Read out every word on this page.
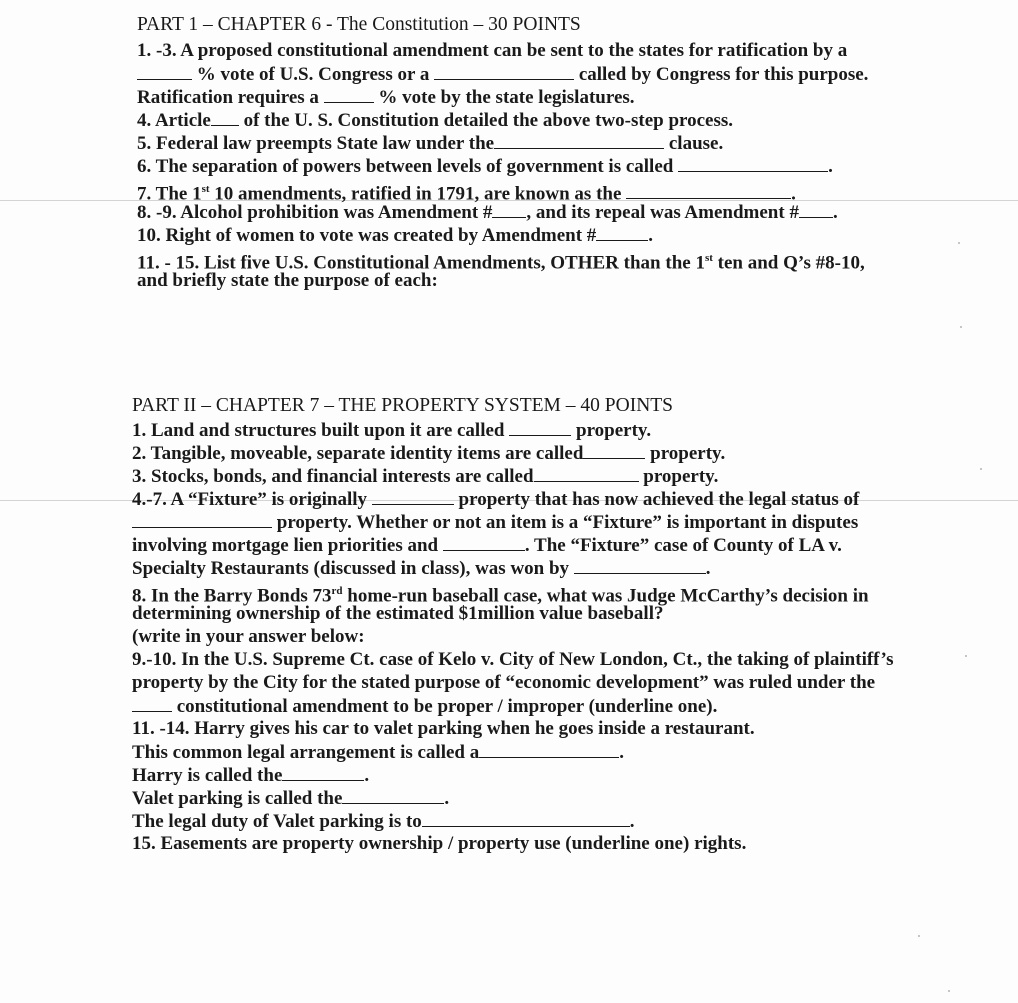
PART 1 – CHAPTER 6 - The Constitution – 30 POINTS
1. -3. A proposed constitutional amendment can be sent to the states for ratification by a
% vote of U.S. Congress or a	called by Congress for this purpose.
Ratification requires a	% vote by the state legislatures.
4. Article of the U. S. Constitution detailed the above two-step process.
5. Federal law preempts State law under the	clause.
6. The separation of powers between levels of government is called	.
7. The 1st 10 amendments, ratified in 1791, are known as the	.
8. -9. Alcohol prohibition was Amendment # , and its repeal was Amendment # .
10. Right of women to vote was created by Amendment #	.
11. - 15. List five U.S. Constitutional Amendments, OTHER than the 1st ten and Q’s #8-10,
and briefly state the purpose of each:
PART II – CHAPTER 7 – THE PROPERTY SYSTEM – 40 POINTS
1. Land and structures built upon it are called	property.
2. Tangible, moveable, separate identity items are called	property.
3. Stocks, bonds, and financial interests are called	property.
4.-7. A “Fixture” is originally	property that has now achieved the legal status of
property. Whether or not an item is a “Fixture” is important in disputes
involving mortgage lien priorities and	. The “Fixture” case of County of LA v.
Specialty Restaurants (discussed in class), was won by	.
8. In the Barry Bonds 73rd home-run baseball case, what was Judge McCarthy’s decision in
determining ownership of the estimated $1million value baseball?
(write in your answer below:
9.-10. In the U.S. Supreme Ct. case of Kelo v. City of New London, Ct., the taking of plaintiff’s
property by the City for the stated purpose of “economic development” was ruled under the
constitutional amendment to be proper / improper (underline one).
11. -14. Harry gives his car to valet parking when he goes inside a restaurant.
This common legal arrangement is called a	.
Harry is called the	.
Valet parking is called the	.
The legal duty of Valet parking is to	.
15. Easements are property ownership / property use (underline one) rights.
